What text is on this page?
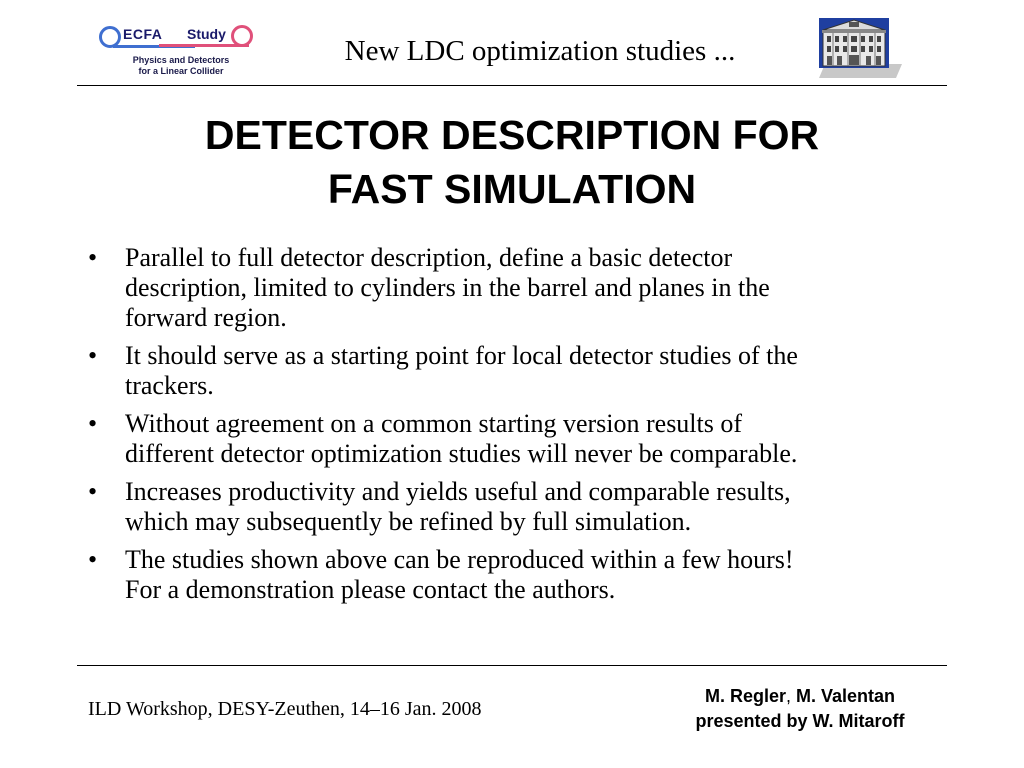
ECFA Study
Physics and Detectors
for a Linear Collider
New LDC optimization studies ...
DETECTOR DESCRIPTION FOR
FAST SIMULATION
•	Parallel to full detector description, define a basic detector
description, limited to cylinders in the barrel and planes in the
forward region.
•	It should serve as a starting point for local detector studies of the
trackers.
•	Without agreement on a common starting version results of
different detector optimization studies will never be comparable.
•	Increases productivity and yields useful and comparable results,
which may subsequently be refined by full simulation.
•	The studies shown above can be reproduced within a few hours!
For a demonstration please contact the authors.
ILD Workshop, DESY-Zeuthen, 14–16 Jan. 2008
M. Regler, M. Valentan
presented by W. Mitaroff
